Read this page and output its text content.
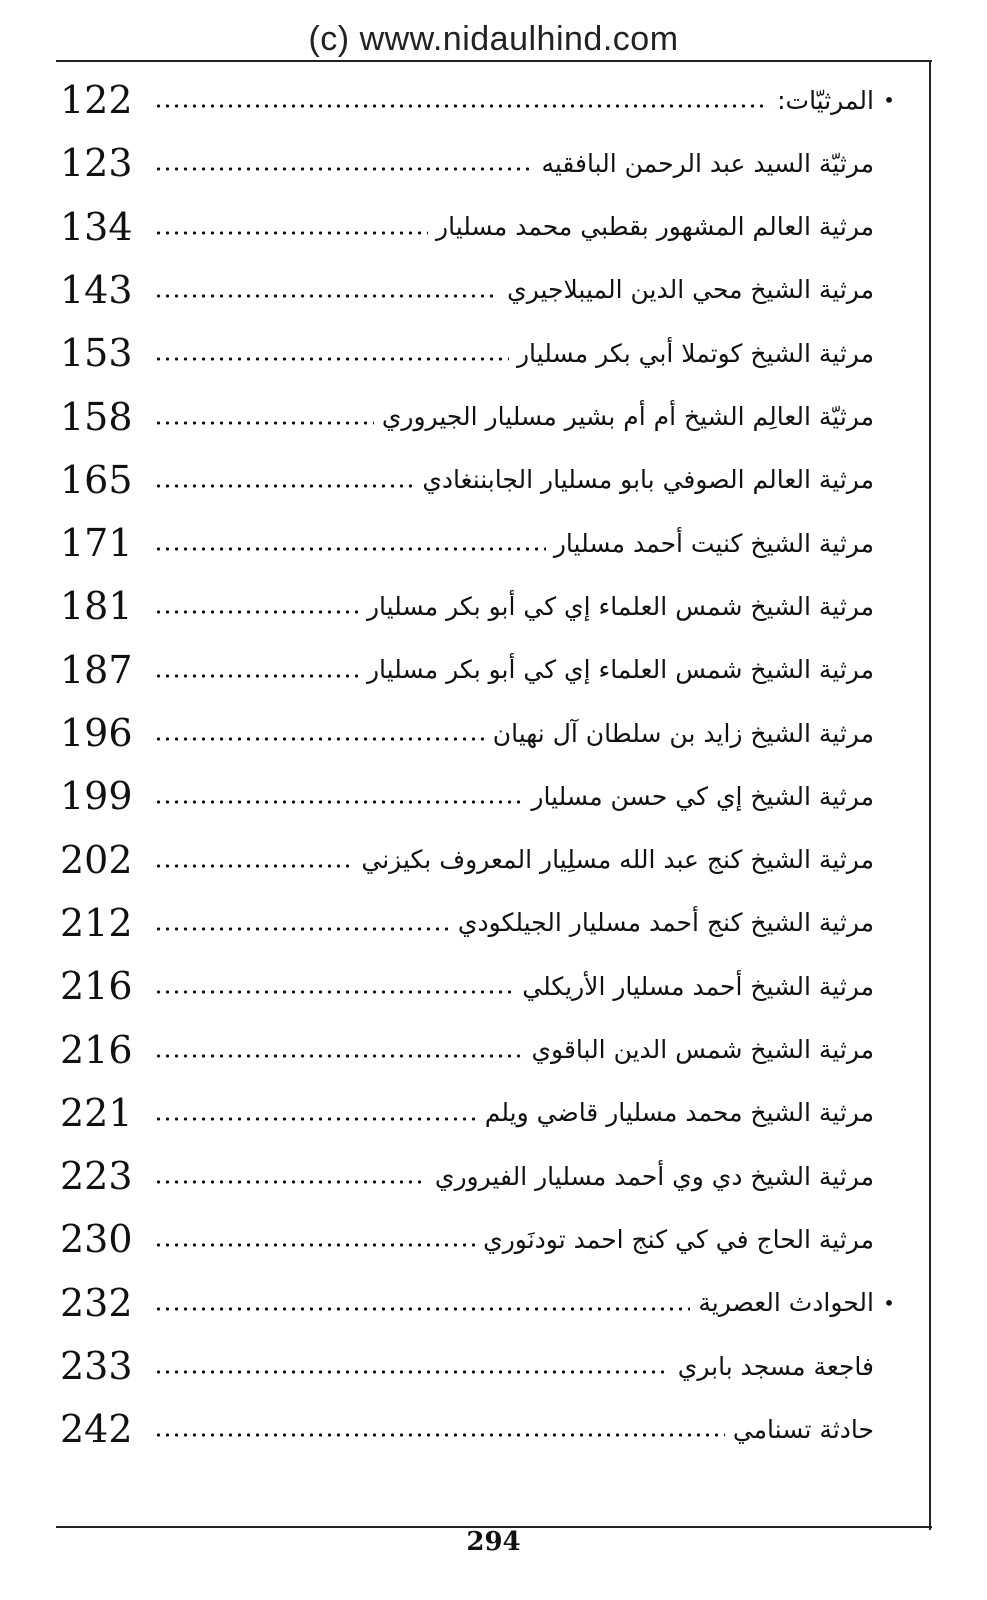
(c) www.nidaulhind.com
122	المرثيّات: •
123	مرثيّة السيد عبد الرحمن البافقيه
134	مرثية العالم المشهور بقطبي محمد مسليار
143	مرثية الشيخ محي الدين الميبلاجيري
153	مرثية الشيخ كوتملا أبي بكر مسليار
158	مرثيّة العالِم الشيخ أم أم بشير مسليار الجيروري
165	مرثية العالم الصوفي بابو مسليار الجابننغادي
171	مرثية الشيخ كنيت أحمد مسليار
181	مرثية الشيخ شمس العلماء إي كي أبو بكر مسليار
187	مرثية الشيخ شمس العلماء إي كي أبو بكر مسليار
196	مرثية الشيخ زايد بن سلطان آل نهيان
199	مرثية الشيخ إي كي حسن مسليار
202	مرثية الشيخ كنج عبد الله مسلِيار المعروف بكيزني
212	مرثية الشيخ كنج أحمد مسليار الجيلكودي
216	مرثية الشيخ أحمد مسليار الأريكلي
216	مرثية الشيخ شمس الدين الباقوي
221	مرثية الشيخ محمد مسليار قاضي ويلم
223	مرثية الشيخ دي وي أحمد مسليار الفيروري
230	مرثية الحاج في كي كنج احمد تودنَوري
232	الحوادث العصرية •
233	فاجعة مسجد بابري
242	حادثة تسنامي
294
